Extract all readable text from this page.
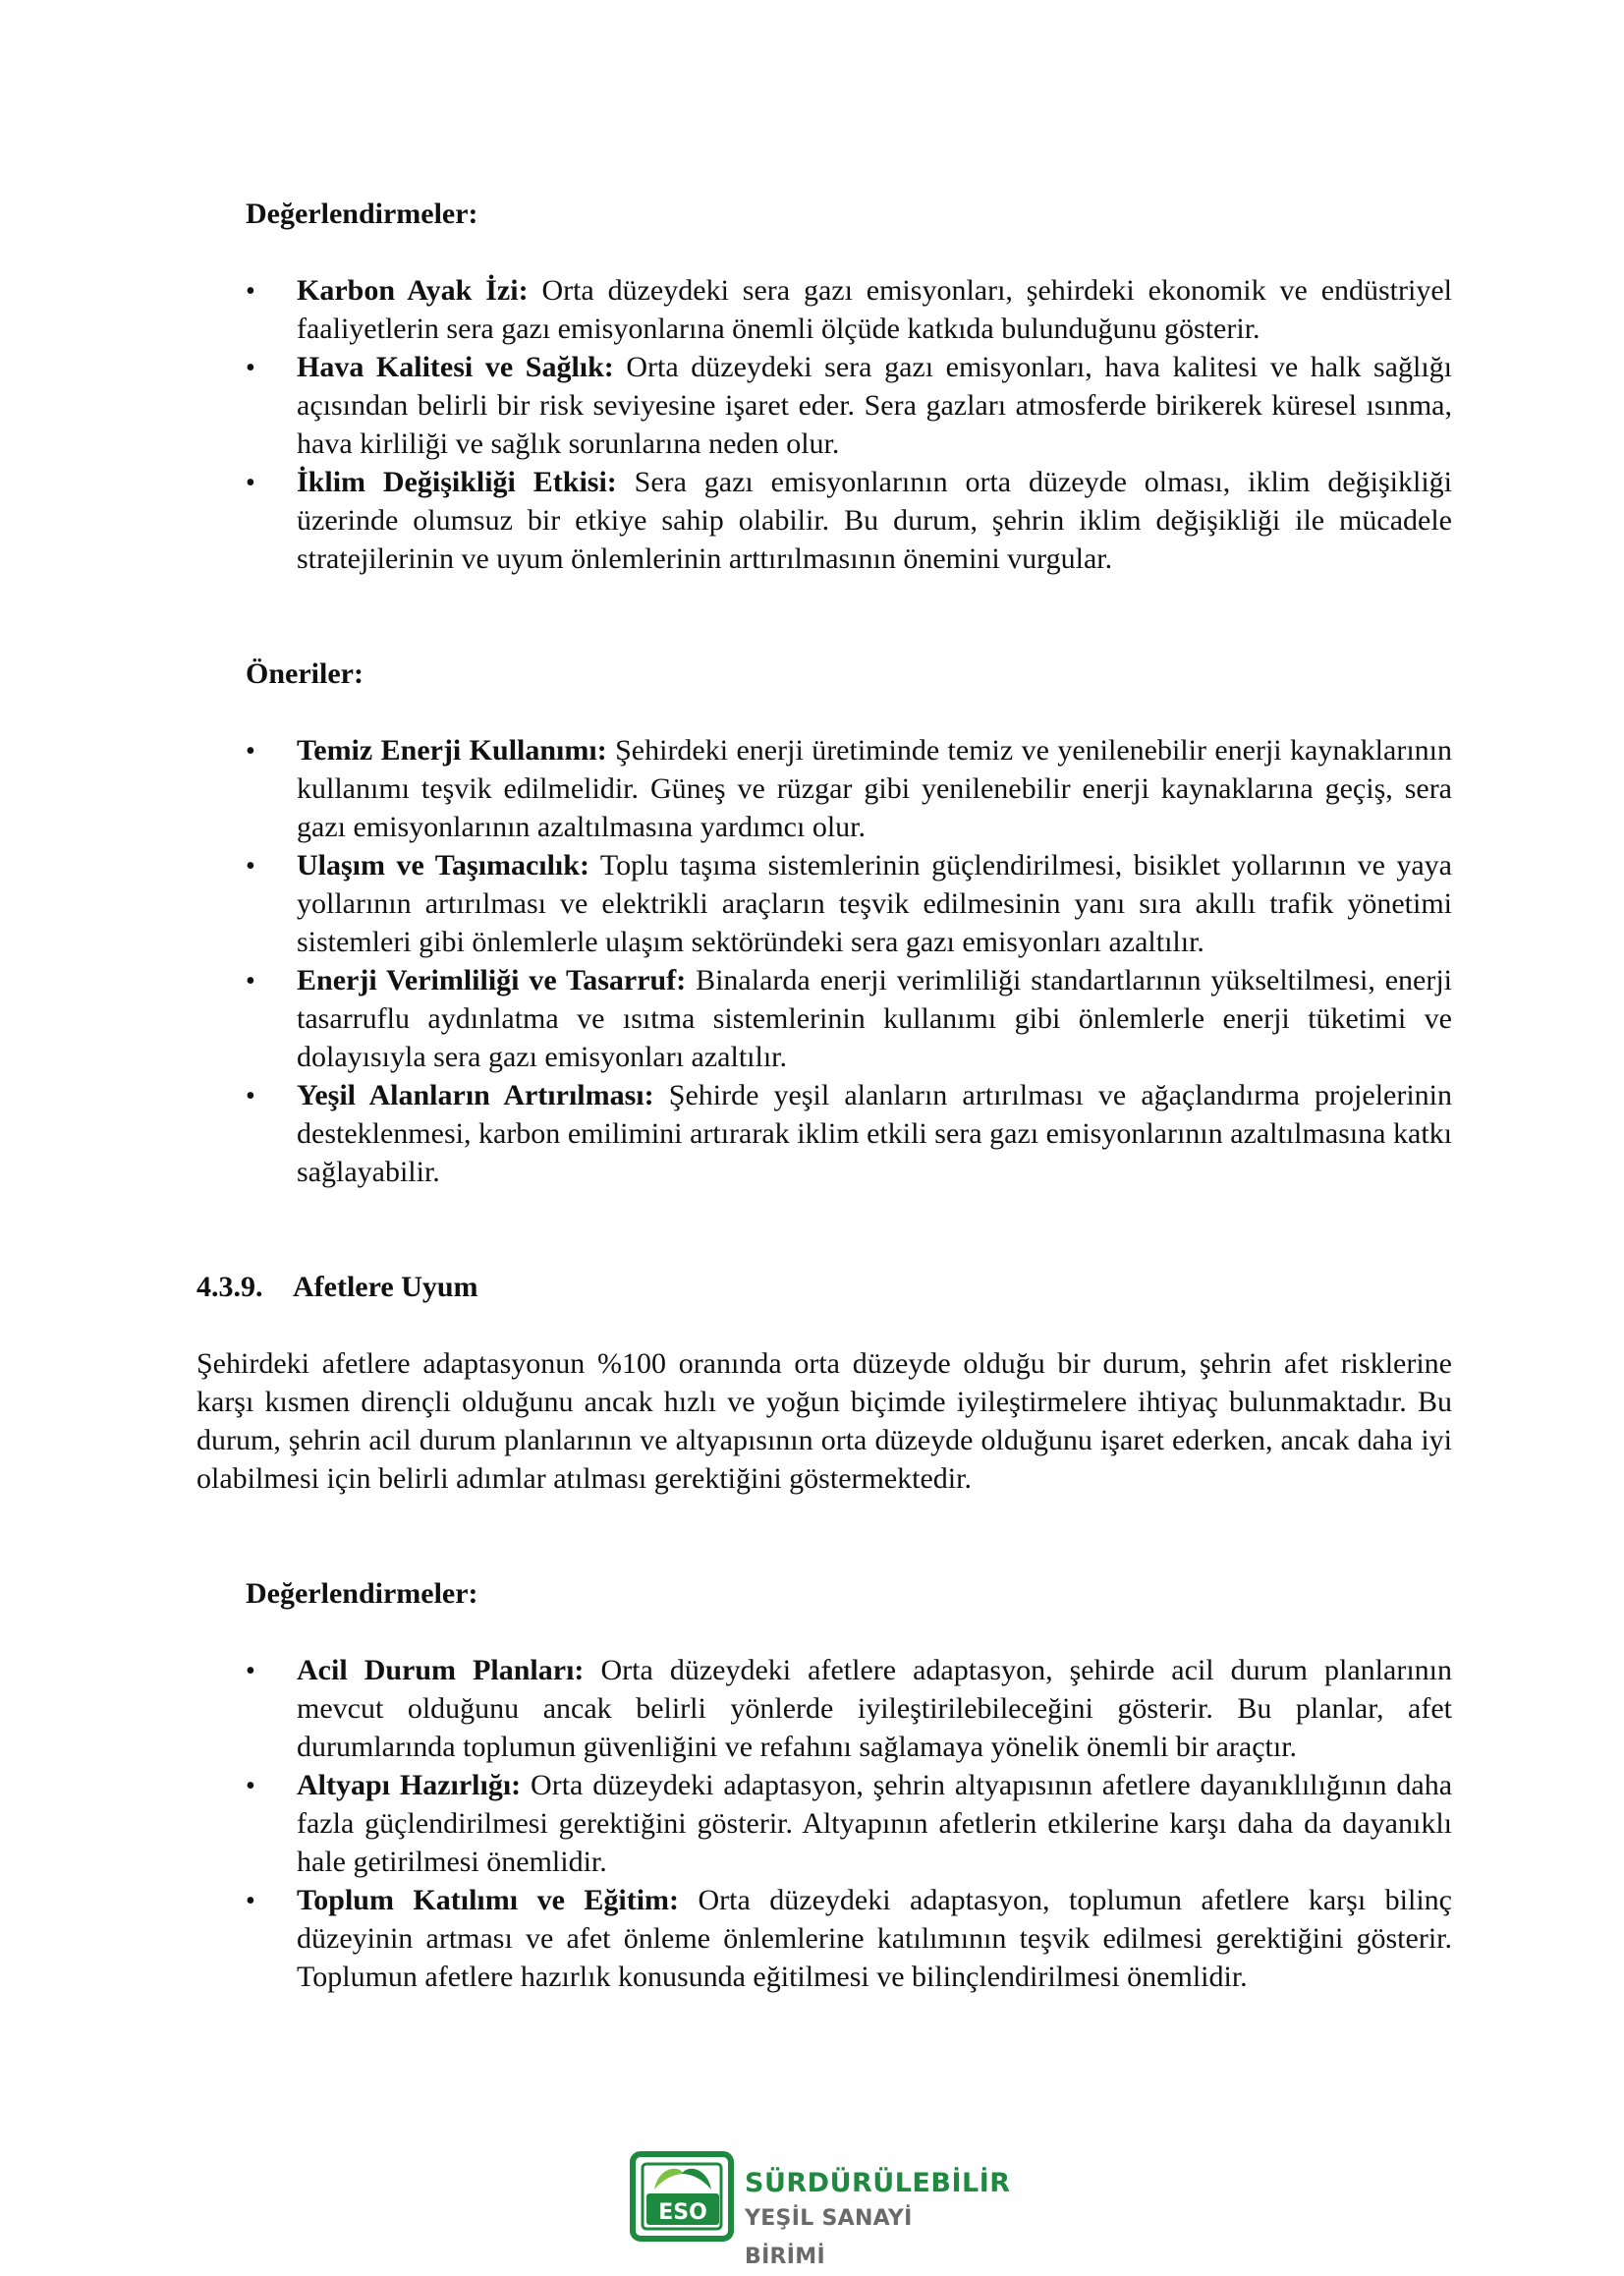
Değerlendirmeler:
•
Karbon Ayak İzi: Orta düzeydeki sera gazı emisyonları, şehirdeki ekonomik ve endüstriyel faaliyetlerin sera gazı emisyonlarına önemli ölçüde katkıda bulunduğunu gösterir.
•
Hava Kalitesi ve Sağlık: Orta düzeydeki sera gazı emisyonları, hava kalitesi ve halk sağlığı açısından belirli bir risk seviyesine işaret eder. Sera gazları atmosferde birikerek küresel ısınma, hava kirliliği ve sağlık sorunlarına neden olur.
•
İklim Değişikliği Etkisi: Sera gazı emisyonlarının orta düzeyde olması, iklim değişikliği üzerinde olumsuz bir etkiye sahip olabilir. Bu durum, şehrin iklim değişikliği ile mücadele stratejilerinin ve uyum önlemlerinin arttırılmasının önemini vurgular.
Öneriler:
•
Temiz Enerji Kullanımı: Şehirdeki enerji üretiminde temiz ve yenilenebilir enerji kaynaklarının kullanımı teşvik edilmelidir. Güneş ve rüzgar gibi yenilenebilir enerji kaynaklarına geçiş, sera gazı emisyonlarının azaltılmasına yardımcı olur.
•
Ulaşım ve Taşımacılık: Toplu taşıma sistemlerinin güçlendirilmesi, bisiklet yollarının ve yaya yollarının artırılması ve elektrikli araçların teşvik edilmesinin yanı sıra akıllı trafik yönetimi sistemleri gibi önlemlerle ulaşım sektöründeki sera gazı emisyonları azaltılır.
•
Enerji Verimliliği ve Tasarruf: Binalarda enerji verimliliği standartlarının yükseltilmesi, enerji tasarruflu aydınlatma ve ısıtma sistemlerinin kullanımı gibi önlemlerle enerji tüketimi ve dolayısıyla sera gazı emisyonları azaltılır.
•
Yeşil Alanların Artırılması: Şehirde yeşil alanların artırılması ve ağaçlandırma projelerinin desteklenmesi, karbon emilimini artırarak iklim etkili sera gazı emisyonlarının azaltılmasına katkı sağlayabilir.
4.3.9. Afetlere Uyum
Şehirdeki afetlere adaptasyonun %100 oranında orta düzeyde olduğu bir durum, şehrin afet risklerine karşı kısmen dirençli olduğunu ancak hızlı ve yoğun biçimde iyileştirmelere ihtiyaç bulunmaktadır. Bu durum, şehrin acil durum planlarının ve altyapısının orta düzeyde olduğunu işaret ederken, ancak daha iyi olabilmesi için belirli adımlar atılması gerektiğini göstermektedir.
Değerlendirmeler:
•
Acil Durum Planları: Orta düzeydeki afetlere adaptasyon, şehirde acil durum planlarının mevcut olduğunu ancak belirli yönlerde iyileştirilebileceğini gösterir. Bu planlar, afet durumlarında toplumun güvenliğini ve refahını sağlamaya yönelik önemli bir araçtır.
•
Altyapı Hazırlığı: Orta düzeydeki adaptasyon, şehrin altyapısının afetlere dayanıklılığının daha fazla güçlendirilmesi gerektiğini gösterir. Altyapının afetlerin etkilerine karşı daha da dayanıklı hale getirilmesi önemlidir.
•
Toplum Katılımı ve Eğitim: Orta düzeydeki adaptasyon, toplumun afetlere karşı bilinç düzeyinin artması ve afet önleme önlemlerine katılımının teşvik edilmesi gerektiğini gösterir. Toplumun afetlere hazırlık konusunda eğitilmesi ve bilinçlendirilmesi önemlidir.
ESO
SÜRDÜRÜLEBİLİR
YEŞİL SANAYİ BİRİMİ
